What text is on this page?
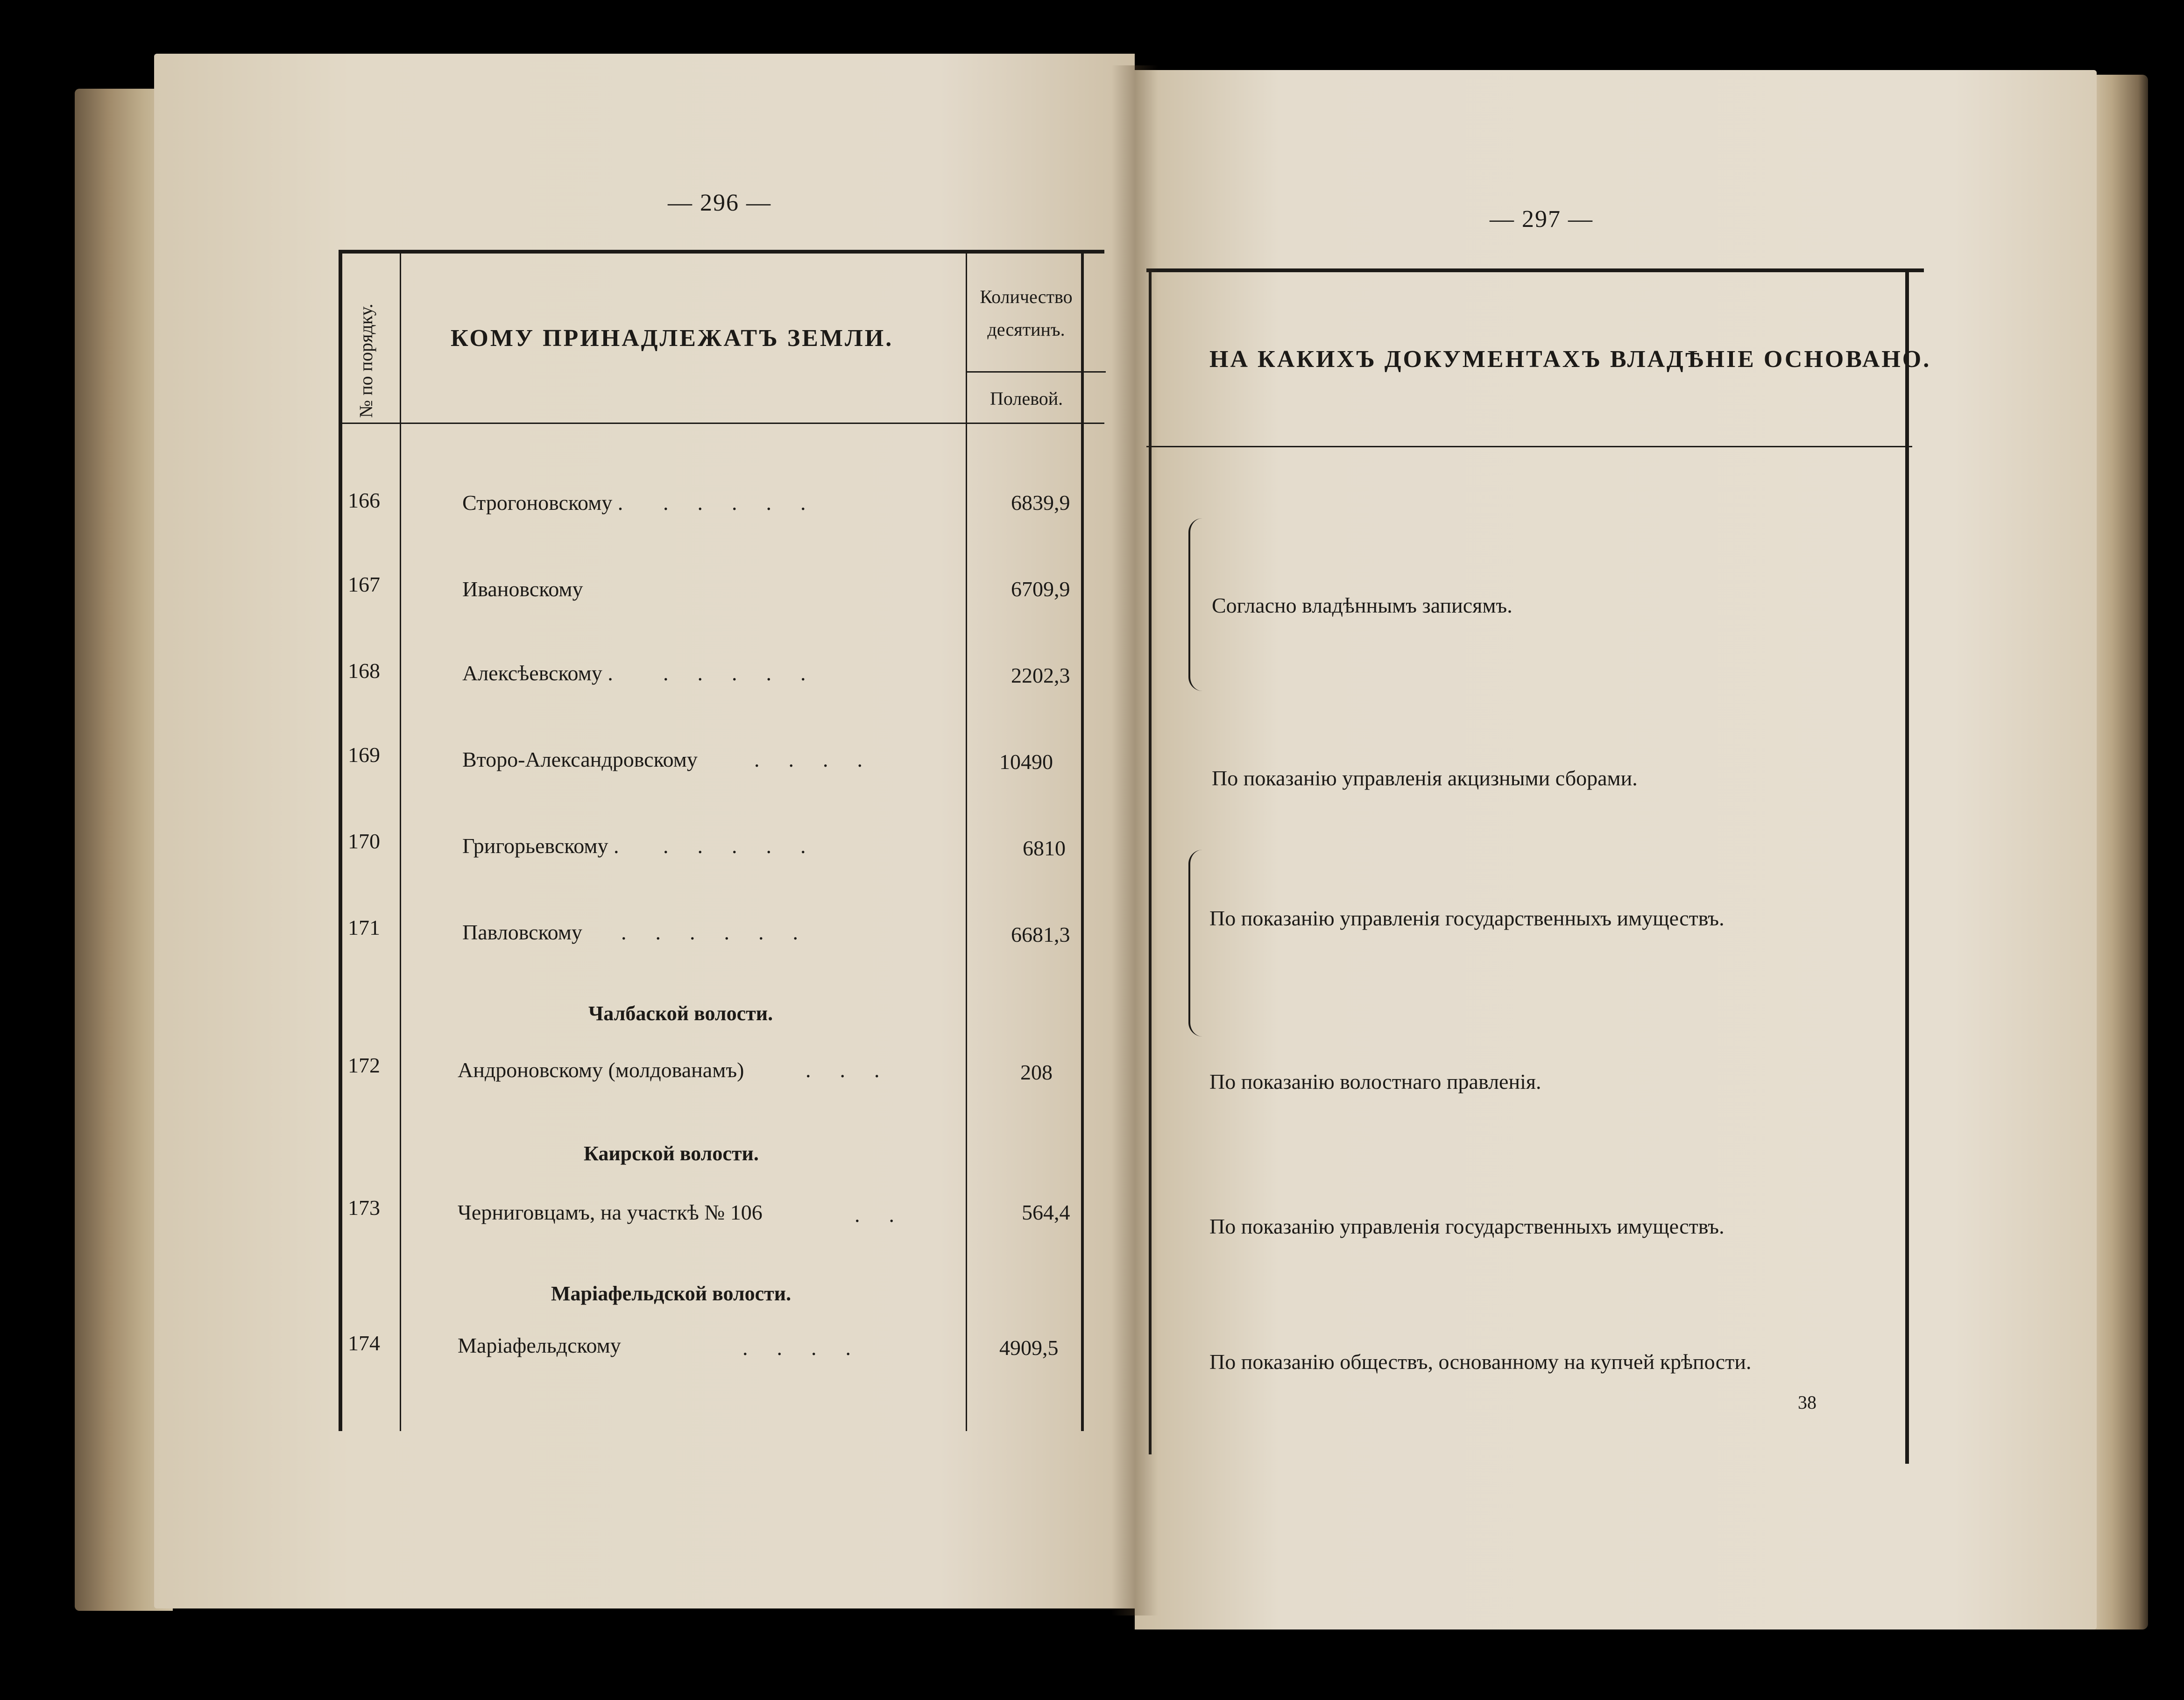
— 296 —
№ по порядку.	КОМУ ПРИНАДЛЕЖАТЪ ЗЕМЛИ.
Количество десятинъ.
Полевой.
166	Строгоновскому . .....	6839,9
167	Ивановскому	6709,9
168	Алексѣевскому . .....	2202,3
169	Второ-Александровскому	....	10490
170	Григорьевскому . .....	6810
171	Павловскому ......	6681,3
Чалбаской волости.
172	Андроновскому (молдованамъ)	...	208
Каирской волости.
173	Черниговцамъ, на участкѣ № 106	..	564,4
Маріафельдской волости.
174	Маріафельдскому	....	4909,5
— 297 —
НА КАКИХЪ ДОКУМЕНТАХЪ ВЛАДѢНІЕ ОСНОВАНО.
Согласно владѣннымъ записямъ.
По показанію управленія акцизными сборами.
По показанію управленія государственныхъ имуществъ.
По показанію волостнаго правленія.
По показанію управленія государственныхъ имуществъ.
По показанію обществъ, основанному на купчей крѣпости.
38
